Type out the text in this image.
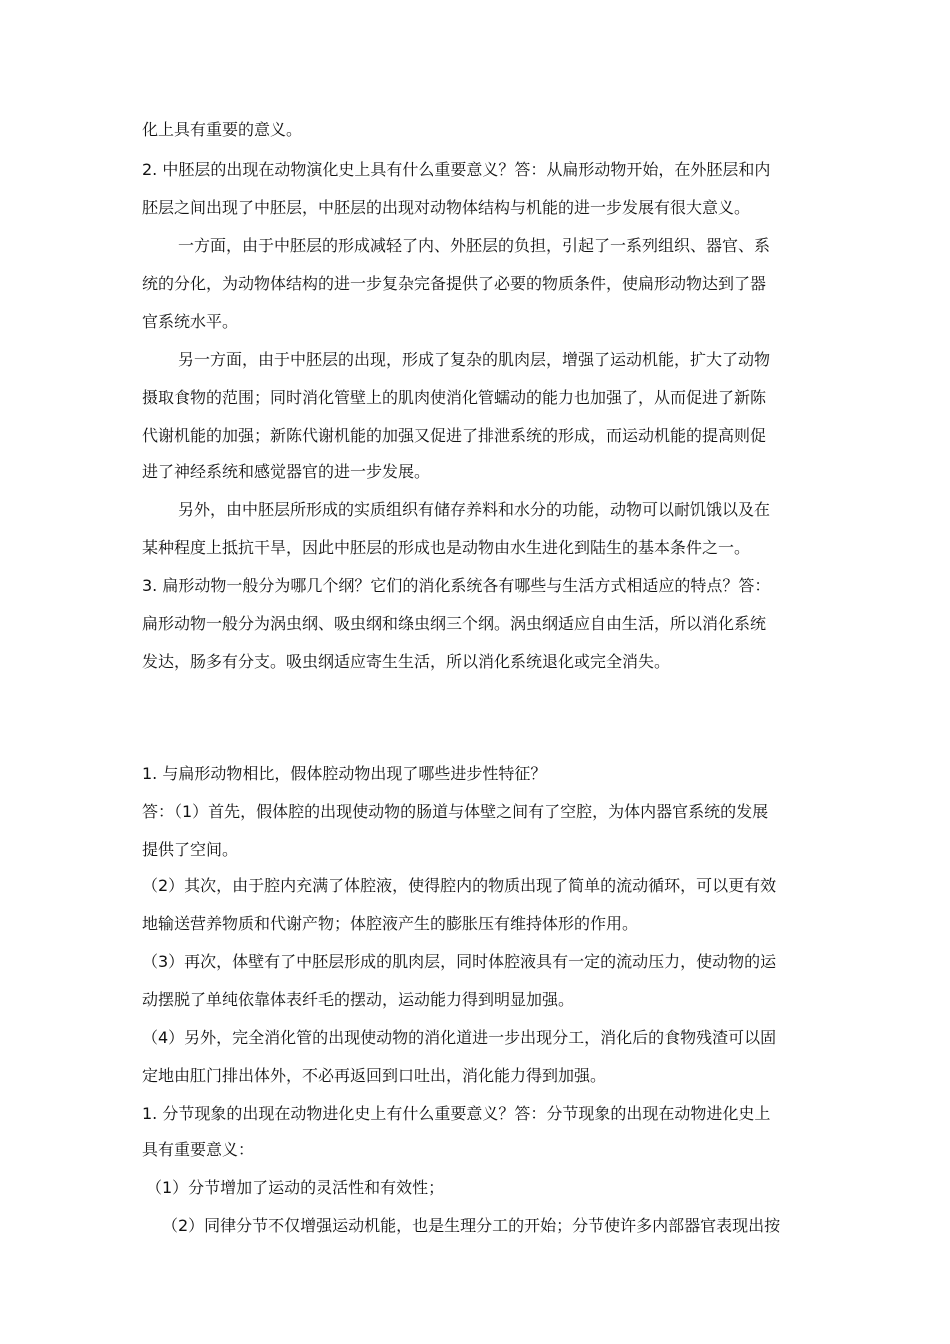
化上具有重要的意义。
2. 中胚层的出现在动物演化史上具有什么重要意义？答：从扁形动物开始，在外胚层和内
胚层之间出现了中胚层，中胚层的出现对动物体结构与机能的进一步发展有很大意义。
一方面，由于中胚层的形成减轻了内、外胚层的负担，引起了一系列组织、器官、系
统的分化，为动物体结构的进一步复杂完备提供了必要的物质条件，使扁形动物达到了器
官系统水平。
另一方面，由于中胚层的出现，形成了复杂的肌肉层，增强了运动机能，扩大了动物
摄取食物的范围；同时消化管壁上的肌肉使消化管蠕动的能力也加强了，从而促进了新陈
代谢机能的加强；新陈代谢机能的加强又促进了排泄系统的形成，而运动机能的提高则促
进了神经系统和感觉器官的进一步发展。
另外，由中胚层所形成的实质组织有储存养料和水分的功能，动物可以耐饥饿以及在
某种程度上抵抗干旱，因此中胚层的形成也是动物由水生进化到陆生的基本条件之一。
3. 扁形动物一般分为哪几个纲？它们的消化系统各有哪些与生活方式相适应的特点？答：
扁形动物一般分为涡虫纲、吸虫纲和绦虫纲三个纲。涡虫纲适应自由生活，所以消化系统
发达，肠多有分支。吸虫纲适应寄生生活，所以消化系统退化或完全消失。
1. 与扁形动物相比，假体腔动物出现了哪些进步性特征？
答：（1）首先，假体腔的出现使动物的肠道与体壁之间有了空腔，为体内器官系统的发展
提供了空间。
（2）其次，由于腔内充满了体腔液，使得腔内的物质出现了简单的流动循环，可以更有效
地输送营养物质和代谢产物；体腔液产生的膨胀压有维持体形的作用。
（3）再次，体壁有了中胚层形成的肌肉层，同时体腔液具有一定的流动压力，使动物的运
动摆脱了单纯依靠体表纤毛的摆动，运动能力得到明显加强。
（4）另外，完全消化管的出现使动物的消化道进一步出现分工，消化后的食物残渣可以固
定地由肛门排出体外，不必再返回到口吐出，消化能力得到加强。
1. 分节现象的出现在动物进化史上有什么重要意义？答：分节现象的出现在动物进化史上
具有重要意义：
（1）分节增加了运动的灵活性和有效性；
（2）同律分节不仅增强运动机能，也是生理分工的开始；分节使许多内部器官表现出按
